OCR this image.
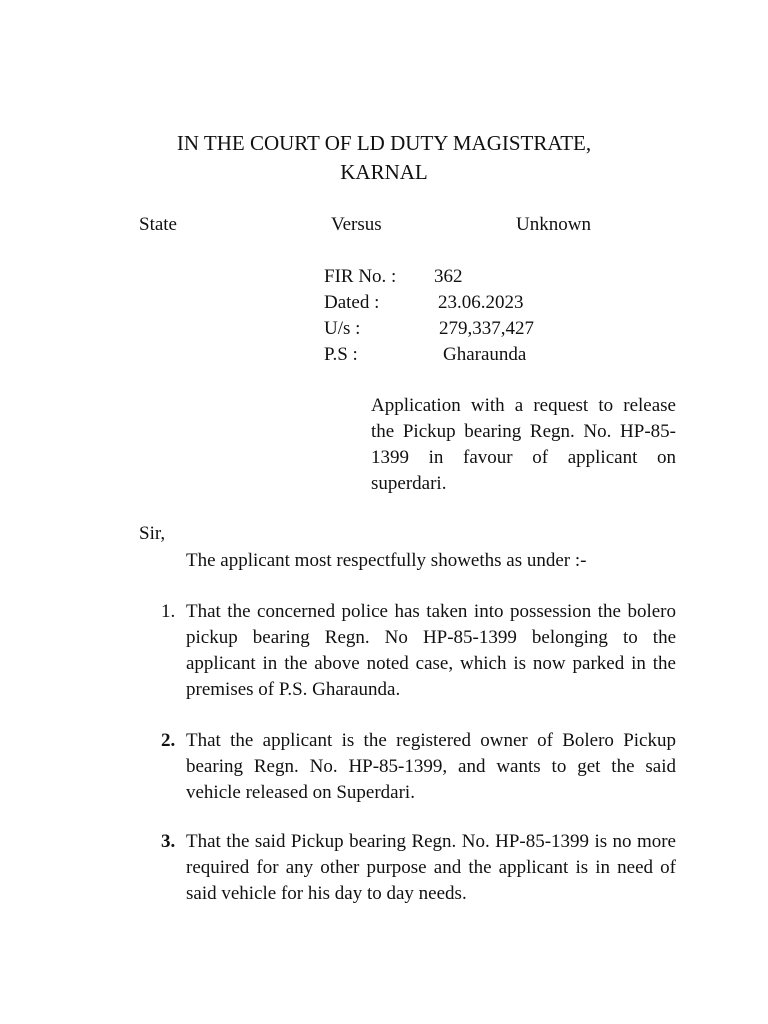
IN THE COURT OF LD DUTY MAGISTRATE,
KARNAL
State	Versus	Unknown
FIR No. : 362
Dated :	23.06.2023
U/s :	279,337,427
P.S :	Gharaunda
Application with a request to release the Pickup bearing Regn. No. HP-85-1399 in favour of applicant on superdari.
Sir,
The applicant most respectfully showeths as under :-
1. That the concerned police has taken into possession the bolero pickup bearing Regn. No HP-85-1399 belonging to the applicant in the above noted case, which is now parked in the premises of P.S. Gharaunda.
2. That the applicant is the registered owner of Bolero Pickup bearing Regn. No. HP-85-1399, and wants to get the said vehicle released on Superdari.
3. That the said Pickup bearing Regn. No. HP-85-1399 is no more required for any other purpose and the applicant is in need of said vehicle for his day to day needs.
